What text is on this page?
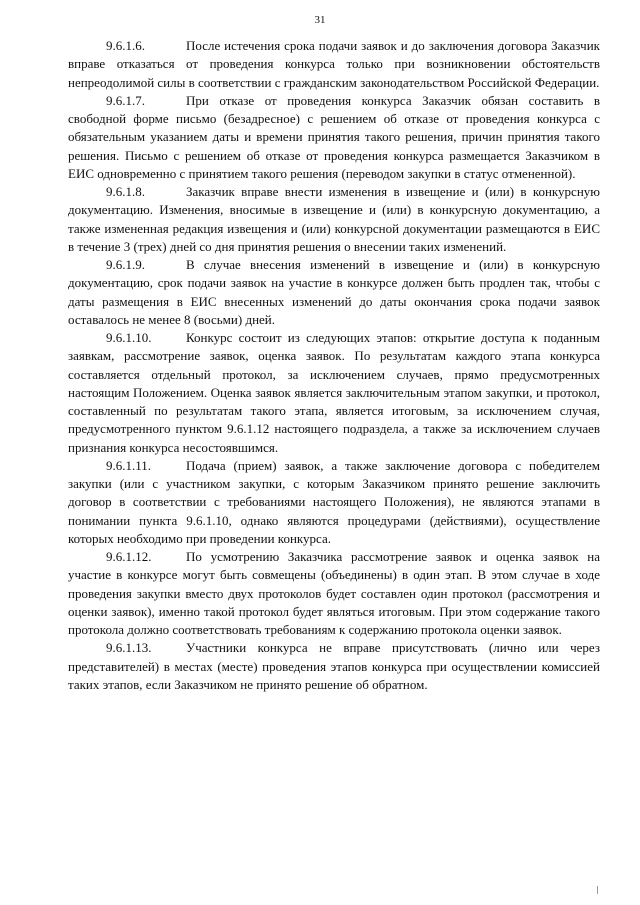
31

9.6.1.6.	После истечения срока подачи заявок и до заключения договора Заказчик вправе отказаться от проведения конкурса только при возникновении обстоятельств непреодолимой силы в соответствии с гражданским законодательством Российской Федерации.

9.6.1.7.	При отказе от проведения конкурса Заказчик обязан составить в свободной форме письмо (безадресное) с решением об отказе от проведения конкурса с обязательным указанием даты и времени принятия такого решения, причин принятия такого решения. Письмо с решением об отказе от проведения конкурса размещается Заказчиком в ЕИС одновременно с принятием такого решения (переводом закупки в статус отмененной).

9.6.1.8.	Заказчик вправе внести изменения в извещение и (или) в конкурсную документацию. Изменения, вносимые в извещение и (или) в конкурсную документацию, а также измененная редакция извещения и (или) конкурсной документации размещаются в ЕИС в течение 3 (трех) дней со дня принятия решения о внесении таких изменений.

9.6.1.9.	В случае внесения изменений в извещение и (или) в конкурсную документацию, срок подачи заявок на участие в конкурсе должен быть продлен так, чтобы с даты размещения в ЕИС внесенных изменений до даты окончания срока подачи заявок оставалось не менее 8 (восьми) дней.

9.6.1.10.	Конкурс состоит из следующих этапов: открытие доступа к поданным заявкам, рассмотрение заявок, оценка заявок. По результатам каждого этапа конкурса составляется отдельный протокол, за исключением случаев, прямо предусмотренных настоящим Положением. Оценка заявок является заключительным этапом закупки, и протокол, составленный по результатам такого этапа, является итоговым, за исключением случая, предусмотренного пунктом 9.6.1.12 настоящего подраздела, а также за исключением случаев признания конкурса несостоявшимся.

9.6.1.11.	Подача (прием) заявок, а также заключение договора с победителем закупки (или с участником закупки, с которым Заказчиком принято решение заключить договор в соответствии с требованиями настоящего Положения), не являются этапами в понимании пункта 9.6.1.10, однако являются процедурами (действиями), осуществление которых необходимо при проведении конкурса.

9.6.1.12.	По усмотрению Заказчика рассмотрение заявок и оценка заявок на участие в конкурсе могут быть совмещены (объединены) в один этап. В этом случае в ходе проведения закупки вместо двух протоколов будет составлен один протокол (рассмотрения и оценки заявок), именно такой протокол будет являться итоговым. При этом содержание такого протокола должно соответствовать требованиям к содержанию протокола оценки заявок.

9.6.1.13.	Участники конкурса не вправе присутствовать (лично или через представителей) в местах (месте) проведения этапов конкурса при осуществлении комиссией таких этапов, если Заказчиком не принято решение об обратном.
